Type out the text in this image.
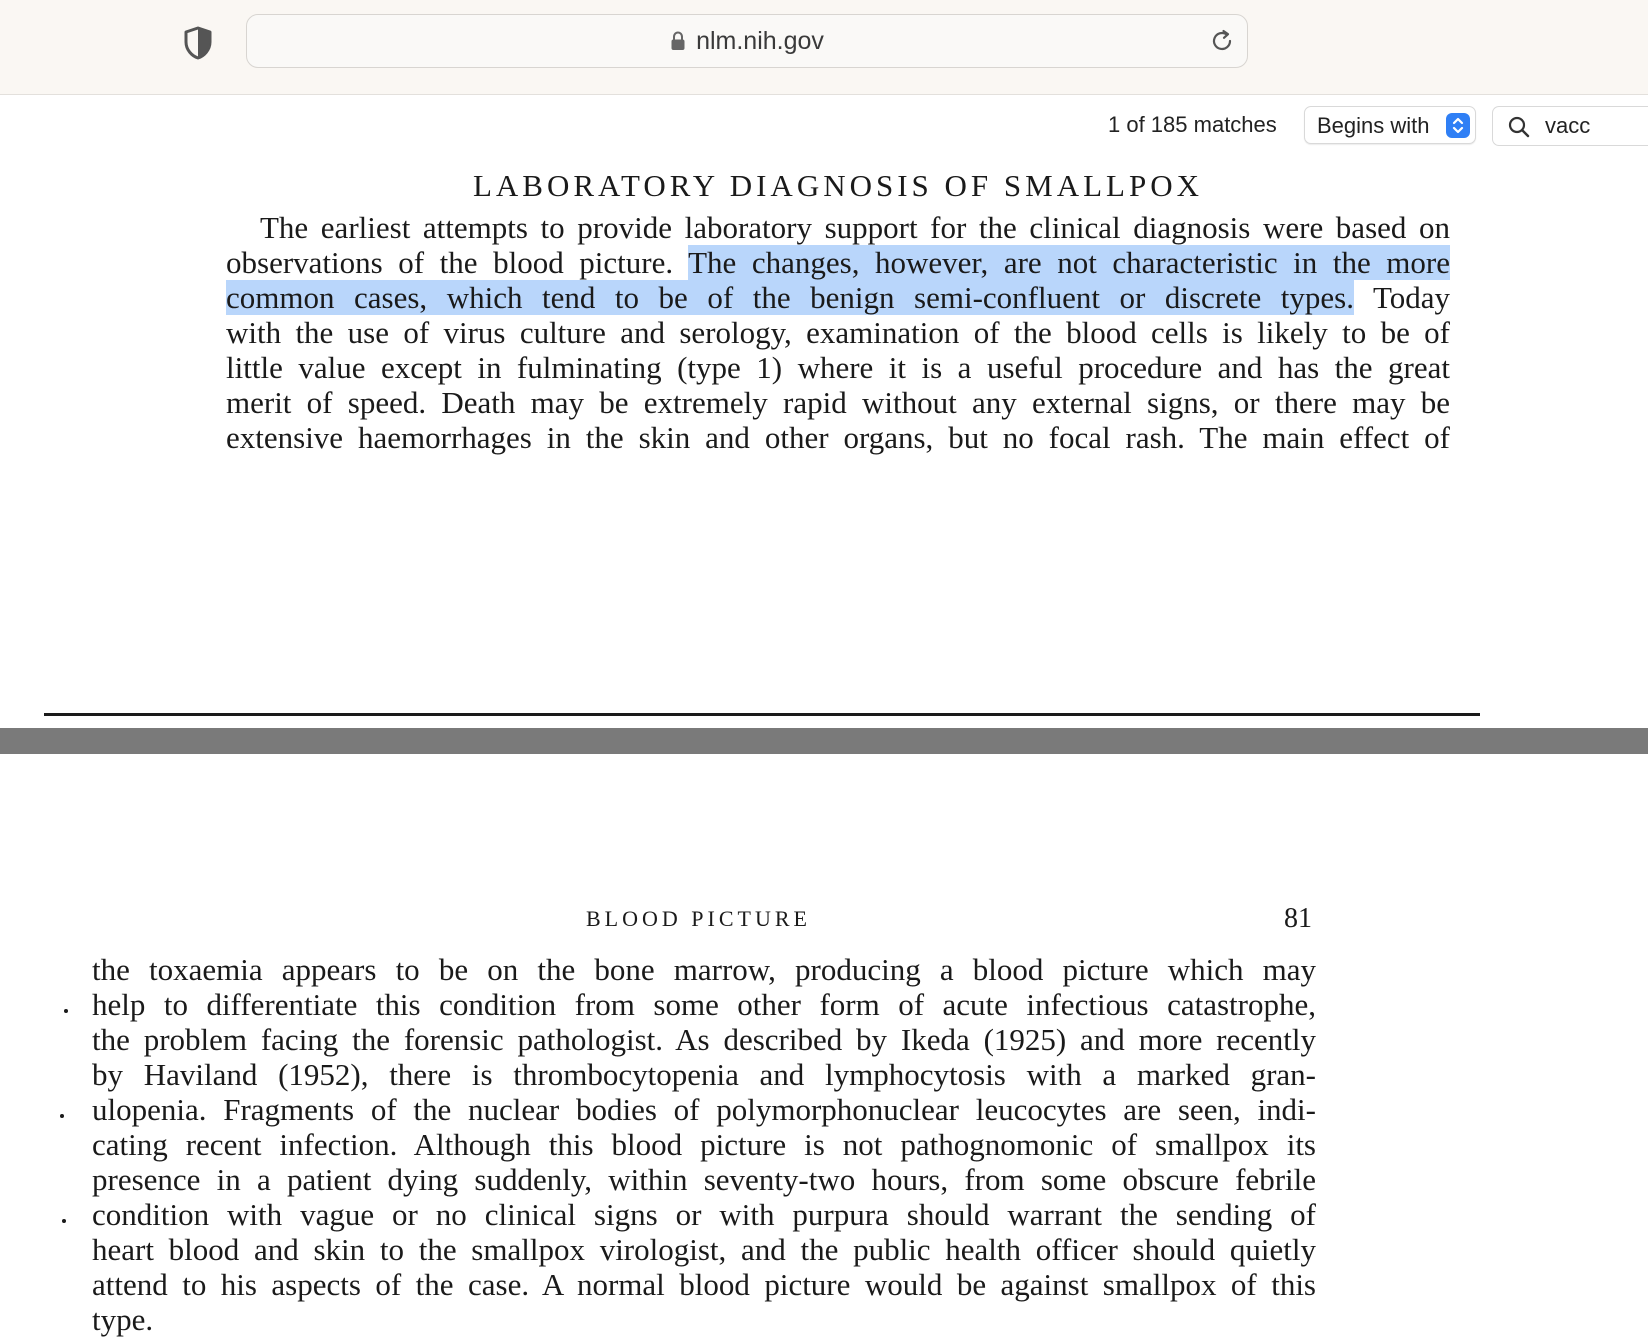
nlm.nih.gov
1 of 185 matches Begins with
vacc
LABORATORY DIAGNOSIS OF SMALLPOX
The earliest attempts to provide laboratory support for the clinical diagnosis were based on
observations of the blood picture. The changes, however, are not characteristic in the more
common cases, which tend to be of the benign semi-confluent or discrete types. Today
with the use of virus culture and serology, examination of the blood cells is likely to be of
little value except in fulminating (type 1) where it is a useful procedure and has the great
merit of speed. Death may be extremely rapid without any external signs, or there may be
extensive haemorrhages in the skin and other organs, but no focal rash. The main effect of
BLOOD PICTURE	81
the toxaemia appears to be on the bone marrow, producing a blood picture which may
help to differentiate this condition from some other form of acute infectious catastrophe,
the problem facing the forensic pathologist. As described by Ikeda (1925) and more recently
by Haviland (1952), there is thrombocytopenia and lymphocytosis with a marked gran-
ulopenia. Fragments of the nuclear bodies of polymorphonuclear leucocytes are seen, indi-
cating recent infection. Although this blood picture is not pathognomonic of smallpox its
presence in a patient dying suddenly, within seventy-two hours, from some obscure febrile
condition with vague or no clinical signs or with purpura should warrant the sending of
heart blood and skin to the smallpox virologist, and the public health officer should quietly
attend to his aspects of the case. A normal blood picture would be against smallpox of this
type.
